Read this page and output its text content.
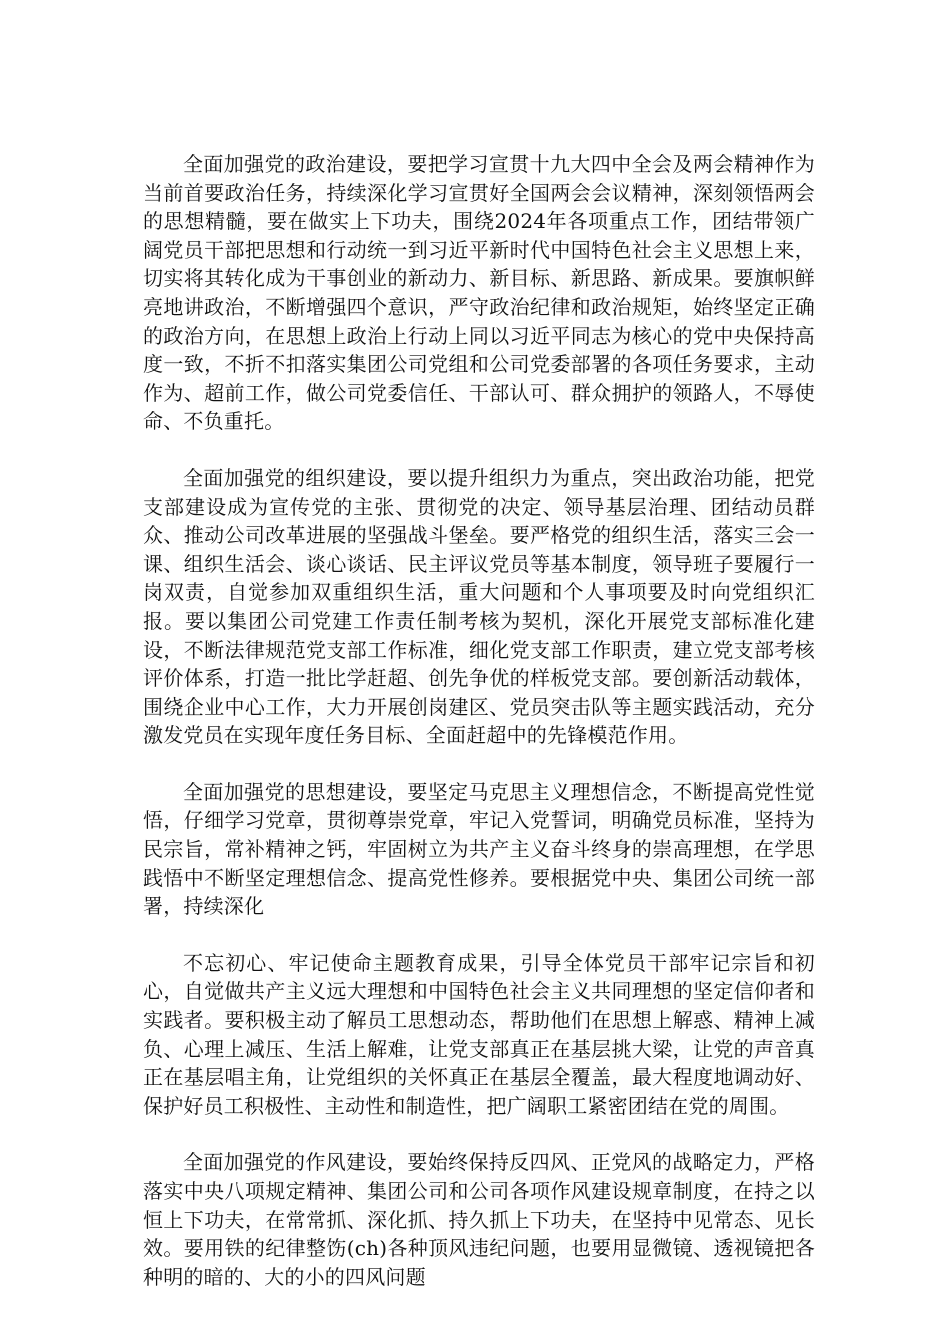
全面加强党的政治建设，要把学习宣贯十九大四中全会及两会精神作为当前首要政治任务，持续深化学习宣贯好全国两会会议精神，深刻领悟两会的思想精髓，要在做实上下功夫，围绕2024年各项重点工作，团结带领广阔党员干部把思想和行动统一到习近平新时代中国特色社会主义思想上来，切实将其转化成为干事创业的新动力、新目标、新思路、新成果。要旗帜鲜亮地讲政治，不断增强四个意识，严守政治纪律和政治规矩，始终坚定正确的政治方向，在思想上政治上行动上同以习近平同志为核心的党中央保持高度一致，不折不扣落实集团公司党组和公司党委部署的各项任务要求，主动作为、超前工作，做公司党委信任、干部认可、群众拥护的领路人，不辱使命、不负重托。

全面加强党的组织建设，要以提升组织力为重点，突出政治功能，把党支部建设成为宣传党的主张、贯彻党的决定、领导基层治理、团结动员群众、推动公司改革进展的坚强战斗堡垒。要严格党的组织生活，落实三会一课、组织生活会、谈心谈话、民主评议党员等基本制度，领导班子要履行一岗双责，自觉参加双重组织生活，重大问题和个人事项要及时向党组织汇报。要以集团公司党建工作责任制考核为契机，深化开展党支部标准化建设，不断法律规范党支部工作标准，细化党支部工作职责，建立党支部考核评价体系，打造一批比学赶超、创先争优的样板党支部。要创新活动载体，围绕企业中心工作，大力开展创岗建区、党员突击队等主题实践活动，充分激发党员在实现年度任务目标、全面赶超中的先锋模范作用。

全面加强党的思想建设，要坚定马克思主义理想信念，不断提高党性觉悟，仔细学习党章，贯彻尊崇党章，牢记入党誓词，明确党员标准，坚持为民宗旨，常补精神之钙，牢固树立为共产主义奋斗终身的崇高理想，在学思践悟中不断坚定理想信念、提高党性修养。要根据党中央、集团公司统一部署，持续深化

不忘初心、牢记使命主题教育成果，引导全体党员干部牢记宗旨和初心，自觉做共产主义远大理想和中国特色社会主义共同理想的坚定信仰者和实践者。要积极主动了解员工思想动态，帮助他们在思想上解惑、精神上减负、心理上减压、生活上解难，让党支部真正在基层挑大梁，让党的声音真正在基层唱主角，让党组织的关怀真正在基层全覆盖，最大程度地调动好、保护好员工积极性、主动性和制造性，把广阔职工紧密团结在党的周围。

全面加强党的作风建设，要始终保持反四风、正党风的战略定力，严格落实中央八项规定精神、集团公司和公司各项作风建设规章制度，在持之以恒上下功夫，在常常抓、深化抓、持久抓上下功夫，在坚持中见常态、见长效。要用铁的纪律整饬(ch)各种顶风违纪问题，也要用显微镜、透视镜把各种明的暗的、大的小的四风问题
